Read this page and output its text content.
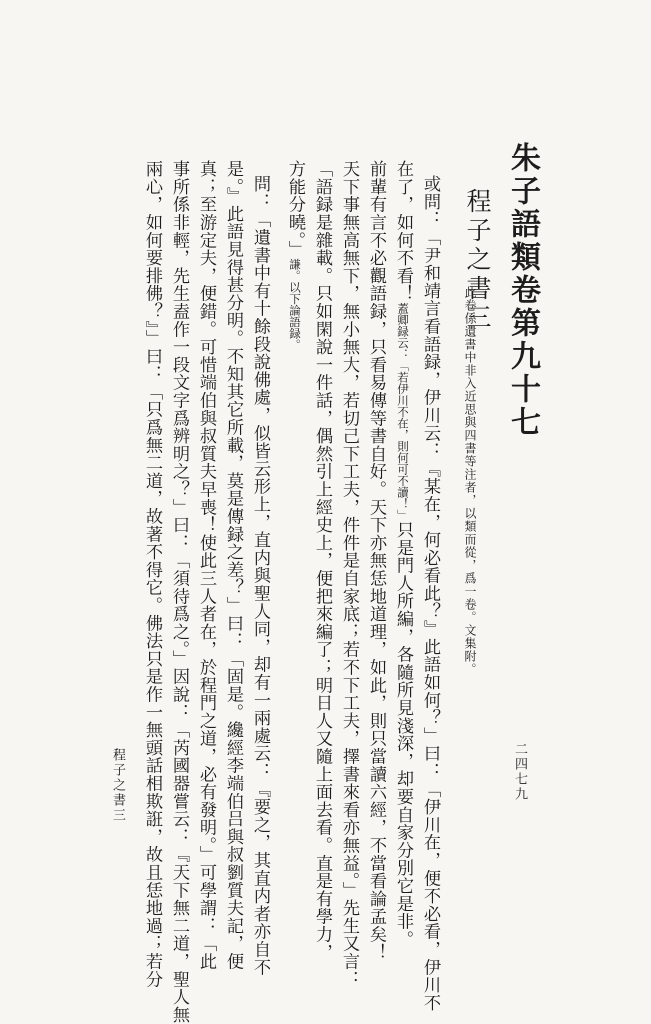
朱子語類卷第九十七
程子之書三
此卷係遺書中非入近思與四書等注者，以類而從，爲一卷。文集附。
或問：「尹和靖言看語録，伊川云：『某在，何必看此？』此語如何？」曰：「伊川在，便不必看，伊川不
在了，如何不看！蓋卿録云：「若伊川不在，則何可不讀！」只是門人所編，各隨所見淺深，却要自家分別它是非。
前輩有言不必觀語録，只看易傳等書自好。天下亦無恁地道理，如此，則只當讀六經，不當看論孟矣！
天下事無高無下，無小無大，若切己下工夫，件件是自家底；若不下工夫，擇書來看亦無益。」先生又言：
「語録是雜載。只如閑說一件話，偶然引上經史上，便把來編了；明日人又隨上面去看。直是有學力，
方能分曉。」謙。以下論語録。
問：「遺書中有十餘段說佛處，似皆云形上，直内與聖人同，却有一兩處云：『要之，其直内者亦自不
是。』此語見得甚分明。不知其它所載，莫是傳録之差？」曰：「固是。纔經李端伯吕與叔劉質夫記，便
真；至游定夫，便錯。可惜端伯與叔質夫早喪！使此三人者在，於程門之道，必有發明。」可學謂：「此
事所係非輕，先生盍作一段文字爲辨明之？」曰：「須待爲之。」因說：「芮國器嘗云：『天下無二道，聖人無
兩心，如何要排佛？』」曰：「只爲無二道，故著不得它。佛法只是作一無頭話相欺誑，故且恁地過；若分
程子之書三	二四七九
